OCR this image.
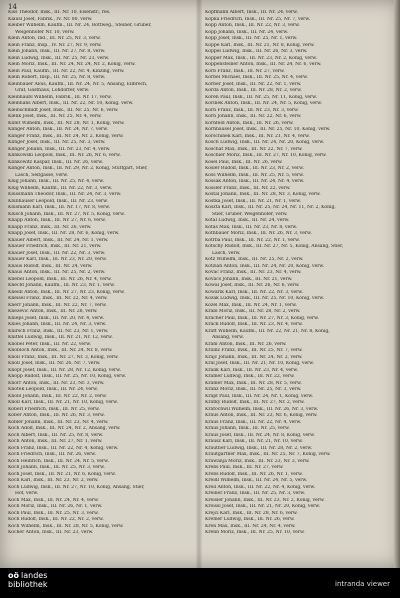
14
Kiss Theodor, Insk., III. Nr. 10, Eisenstr., res.
Klausl Josef, Fabrik., IV. Nr. 80, verw.
Kleiber Wilhelm, Kaufm., III. Nr. 24, Rottweg., Steiner, Gruber,
Weigenhofer Nr. 10, verw.
Klein Anton, Ind., III. Nr. 25, Nr. 3, verw.
Klein Franz, Insp., IV. Nr. 27, Nr. 9, verw.
Klein Johann, Insk., III. Nr. 27, Nr. 8, verw.
Klein Ludwig, Insk., III. Nr. 25, Nr. 23, verw.
Klein Moriz, Insk., III. Nr. 24, Nr. 24, Nr. 2, Konig, verw.
Klein Paul, Kaufm., III. Nr. 22, Nr. 4, Kinzing, verw.
Klein Robert, Insp., III. Nr. 25, Nr. 8, verw.
Kleinbauer Alois, Kaufm., III. Nr. 24, Nr. 5, Ansang, Ellbrech,
Graf, Gasthaus, Lohdorfer, verw.
Kleinhaubl Wilhelm, Fabrik., III. Nr. 17, verw.
Kleinhans Albert, Insk., III. Nr. 22, Nr. 10, Konig, verw.
Kleinschmidt Josef, Insk., III. Nr. 25, Nr. 6, verw.
Klenk Josef, Insk., III. Nr. 25, Nr. 4, verw.
Klimt Wilhelm, Insk., III. Nr. 28, Nr. 1, Konig, verw.
Klinger Anton, Insk., III. Nr. 24, Nr. 7, verw.
Klinger Franz, Insk., III. Nr. 24, Nr. 2, Konig, verw.
Klinger Josef, Insk., III. Nr. 25, Nr. 3, verw.
Klinger Johann, Insk., III. Nr. 23, Nr. 4, verw.
Klinkowski Leopold, Insk., III. Nr. 26, Nr. 6, verw.
Klinkowitz Kaspar, Insk., III. Nr. 26, verw.
Klinger Anton, Insk., III. Nr. 29, Nr. 2, Konig, Stuttgart, Stier,
Lasch, Seitgasse, verw.
Klug Johann, Insk., III. Nr. 25, Nr. 4, verw.
Klug Wilhelm, Kaufm., III. Nr. 22, Nr. 3, verw.
Klussmann Theodor, Insk., III. Nr. 24, Nr. 3, verw.
Klunhauser Leopold, Insk., III. Nr. 23, verw.
Klusmann Karl, Insk., III. Nr. 17, Nr. 8, verw.
Klüsch Johann, Insk., III. Nr. 27, Nr. 5, Konig, verw.
Knapp Anton, Insk., III. Nr. 27, Nr. 6, verw.
Knapp Franz, Insk., III. Nr. 26, verw.
Knapp Josef, Insk., III. Nr. 28, Nr. 6, Konig, verw.
Knauer Albert, Insk., III. Nr. 24, Nr. 1, verw.
Knauer Friedrich, Insk., III. Nr. 21, verw.
Knauer Josef, Insk., III. Nr. 22, Nr. 3, verw.
Knauer Karl, Insk., III. Nr. 23, Nr. 20, verw.
Knaus Rudolf, Insk., III. Nr. 24, verw.
Knaus Anton, Insk., III. Nr. 25, Nr. 2, verw.
Knebel Leopold, Insk., III. Nr. 26, Nr. 4, verw.
Knecht Johann, Kaufm., III. Nr. 23, Nr. 1, verw.
Kneidl Anton, Insk., III. Nr. 27, Nr. 23, Konig, verw.
Kneisel Franz, Insk., III. Nr. 22, Nr. 4, verw.
Knerr Johann, Insk., III. Nr. 22, Nr. 7, verw.
Knezevic Anton, Insk., III. Nr. 28, verw.
Knieps Josef, Insk., III. Nr. 20, Nr. 4, verw.
Knies Johann, Insk., III. Nr. 24, Nr. 3, verw.
Knirsch Franz, Insk., III. Nr. 23, Nr. 1, verw.
Knittel Ludwig, Insk., III. Nr. 21, Nr. 12, verw.
Knobel Peter, Insk., III. Nr. 22, verw.
Knobloch Anton, Insk., III. Nr. 24, Nr. 8, verw.
Knoll Franz, Insk., III. Nr. 27, Nr. 3, Konig, verw.
Knoll Josef, Insk., III. Nr. 26, Nr. 7, verw.
Knopf Josef, Insk., III. Nr. 28, Nr. 12, Konig, verw.
Knopp Rudolf, Insk., III. Nr. 25, Nr. 10, Konig, verw.
Knorr Anton, Insk., III. Nr. 23, Nr. 3, verw.
Knotek Leopold, Insk., III. Nr. 24, verw.
Knöbl Johann, Insk., III. Nr. 22, Nr. 2, verw.
Knöll Karl, Insk., III. Nr. 21, Nr. 10, Konig, verw.
Koberl Friedrich, Insk., III. Nr. 25, verw.
Kober Anton, Insk., III. Nr. 26, Nr. 3, verw.
Kobler Johann, Insk., III. Nr. 23, Nr. 4, verw.
Koch Adolf, Insk., III. Nr. 24, Nr. 2, Ansang, verw.
Koch Albert, Insk., III. Nr. 25, Nr. 8, verw.
Koch Anton, Insk., III. Nr. 27, Nr. 1, verw.
Koch Franz, Insk., III. Nr. 22, Nr. 4, Konig, verw.
Koch Friedrich, Insk., III. Nr. 26, verw.
Koch Heinrich, Insk., III. Nr. 24, Nr. 5, verw.
Koch Johann, Insk., III. Nr. 25, Nr. 3, verw.
Koch Josef, Insk., III. Nr. 21, Nr. 6, Konig, verw.
Koch Karl, Insk., III. Nr. 23, Nr. 2, verw.
Koch Ludwig, Insk., III. Nr. 27, Nr. 10, Konig, Ansang, Stier,
Hof, verw.
Koch Max, Insk., III. Nr. 24, Nr. 4, verw.
Koch Moriz, Insk., III. Nr. 26, Nr. 1, verw.
Koch Paul, Insk., III. Nr. 25, Nr. 3, verw.
Koch Rudolf, Insk., III. Nr. 22, Nr. 2, verw.
Koch Wilhelm, Insk., III. Nr. 28, Nr. 5, Konig, verw.
Kocher Anton, Insk., III. Nr. 23, verw.
Kopfmann Albert, Insk., III. Nr. 24, verw.
Kopka Friedrich, Insk., III. Nr. 25, Nr. 7, verw.
Kopp Anton, Insk., III. Nr. 22, Nr. 3, verw.
Kopp Johann, Insk., III. Nr. 24, verw.
Kopp Josef, Insk., III. Nr. 25, Nr. 1, verw.
Koppe Karl, Insk., III. Nr. 21, Nr. 8, Konig, verw.
Koppel Ludwig, Insk., III. Nr. 26, Nr. 3, verw.
Kopper Max, Insk., III. Nr. 23, Nr. 2, Konig, verw.
Koppensteiner Anton, Insk., III. Nr. 24, Nr. 6, verw.
Korb Franz, Insk., III. Nr. 27, verw.
Korbel Michael, Insk., III. Nr. 25, Nr. 4, verw.
Korber Josef, Insk., III. Nr. 22, Nr. 1, verw.
Korda Anton, Insk., III. Nr. 28, Nr. 2, verw.
Koren Paul, Insk., III. Nr. 25, Nr. 11, Konig, verw.
Korinek Anton, Insk., III. Nr. 24, Nr. 5, Konig, verw.
Korn Franz, Insk., III. Nr. 23, Nr. 3, verw.
Korn Johann, Insk., III. Nr. 22, Nr. 6, verw.
Kornfeld Anton, Insk., III. Nr. 26, verw.
Kornhäusel Josef, Insk., III. Nr. 25, Nr. 10, Konig, verw.
Korschinek Karl, Insk., III. Nr. 21, Nr. 4, verw.
Kosch Ludwig, Insk., III. Nr. 24, Nr. 20, Konig, verw.
Koschat Max, Insk., III. Nr. 22, Nr. 7, verw.
Koschier Moriz, Insk., III. Nr. 27, Nr. 10, Konig, verw.
Kosel Paul, Insk., III. Nr. 26, verw.
Kosler Rudolf, Insk., III. Nr. 23, Nr. 2, verw.
Koss Wilhelm, Insk., III. Nr. 25, Nr. 5, verw.
Kossak Anton, Insk., III. Nr. 24, Nr. 4, verw.
Kossler Franz, Insk., III. Nr. 22, verw.
Kostal Johann, Insk., III. Nr. 28, Nr. 3, Konig, verw.
Kostka Josef, Insk., III. Nr. 21, Nr. 1, verw.
Koszta Karl, Insk., III. Nr. 25, Nr. 24, Nr. 11, Nr. 2, Konig,
Stier, Gruber, Weigenhofer, verw.
Kotal Ludwig, Insk., III. Nr. 24, verw.
Kotas Max, Insk., III. Nr. 23, Nr. 8, verw.
Kothbauer Moriz, Insk., III. Nr. 26, Nr. 3, verw.
Kotrba Paul, Insk., III. Nr. 22, Nr. 1, verw.
Kotschy Rudolf, Insk., III. Nr. 27, Nr. 5, Konig, Ansang, Stier,
Lasch, verw.
Kotz Wilhelm, Insk., III. Nr. 25, Nr. 2, verw.
Kotzian Anton, Insk., III. Nr. 24, Nr. 20, Konig, verw.
Kovac Franz, Insk., III. Nr. 23, Nr. 4, verw.
Kovacs Johann, Insk., III. Nr. 21, verw.
Kowal Josef, Insk., III. Nr. 26, Nr. 6, verw.
Kowarik Karl, Insk., III. Nr. 22, Nr. 3, verw.
Kozak Ludwig, Insk., III. Nr. 25, Nr. 10, Konig, verw.
Kozel Max, Insk., III. Nr. 24, Nr. 1, verw.
Krabl Moriz, Insk., III. Nr. 28, Nr. 2, verw.
Kracher Paul, Insk., III. Nr. 27, Nr. 3, Konig, verw.
Krack Rudolf, Insk., III. Nr. 23, Nr. 4, verw.
Kraft Wilhelm, Kaufm., III. Nr. 22, Nr. 21, Nr. 8, Konig,
Ansang, verw.
Krahl Anton, Insk., III. Nr. 26, verw.
Krainz Franz, Insk., III. Nr. 25, Nr. 7, verw.
Krajc Johann, Insk., III. Nr. 24, Nr. 2, verw.
Kral Josef, Insk., III. Nr. 21, Nr. 10, Konig, verw.
Kralik Karl, Insk., III. Nr. 23, Nr. 4, verw.
Kramer Ludwig, Insk., III. Nr. 22, verw.
Kramer Max, Insk., III. Nr. 28, Nr. 5, verw.
Kranz Moriz, Insk., III. Nr. 25, Nr. 3, verw.
Krapf Paul, Insk., III. Nr. 24, Nr. 1, Konig, verw.
Kratky Rudolf, Insk., III. Nr. 27, Nr. 2, verw.
Kratochwil Wilhelm, Insk., III. Nr. 26, Nr. 3, verw.
Kraus Anton, Insk., III. Nr. 23, Nr. 6, Konig, verw.
Kraus Franz, Insk., III. Nr. 22, Nr. 4, verw.
Kraus Johann, Insk., III. Nr. 25, verw.
Kraus Josef, Insk., III. Nr. 24, Nr. 8, Konig, verw.
Krausz Karl, Insk., III. Nr. 21, Nr. 10, verw.
Krautner Ludwig, Insk., III. Nr. 28, Nr. 2, verw.
Krautgartner Max, Insk., III. Nr. 25, Nr. 7, Konig, verw.
Krawanja Moriz, Insk., III. Nr. 23, Nr. 3, verw.
Krebs Paul, Insk., III. Nr. 27, verw.
Krebs Rudolf, Insk., III. Nr. 26, Nr. 1, verw.
Kreidl Wilhelm, Insk., III. Nr. 24, Nr. 5, verw.
Kreil Anton, Insk., III. Nr. 22, Nr. 4, Konig, verw.
Kreiner Franz, Insk., III. Nr. 25, Nr. 3, verw.
Kreisler Johann, Insk., III. Nr. 23, Nr. 2, Konig, verw.
Kreissl Josef, Insk., III. Nr. 21, Nr. 20, Konig, verw.
Krejci Karl, Insk., III. Nr. 28, Nr. 6, verw.
Kremer Ludwig, Insk., III. Nr. 26, verw.
Kren Max, Insk., III. Nr. 24, Nr. 4, verw.
Krenn Moriz, Insk., III. Nr. 25, Nr. 10, verw.
oö landes
bibliothek	intranda viewer
